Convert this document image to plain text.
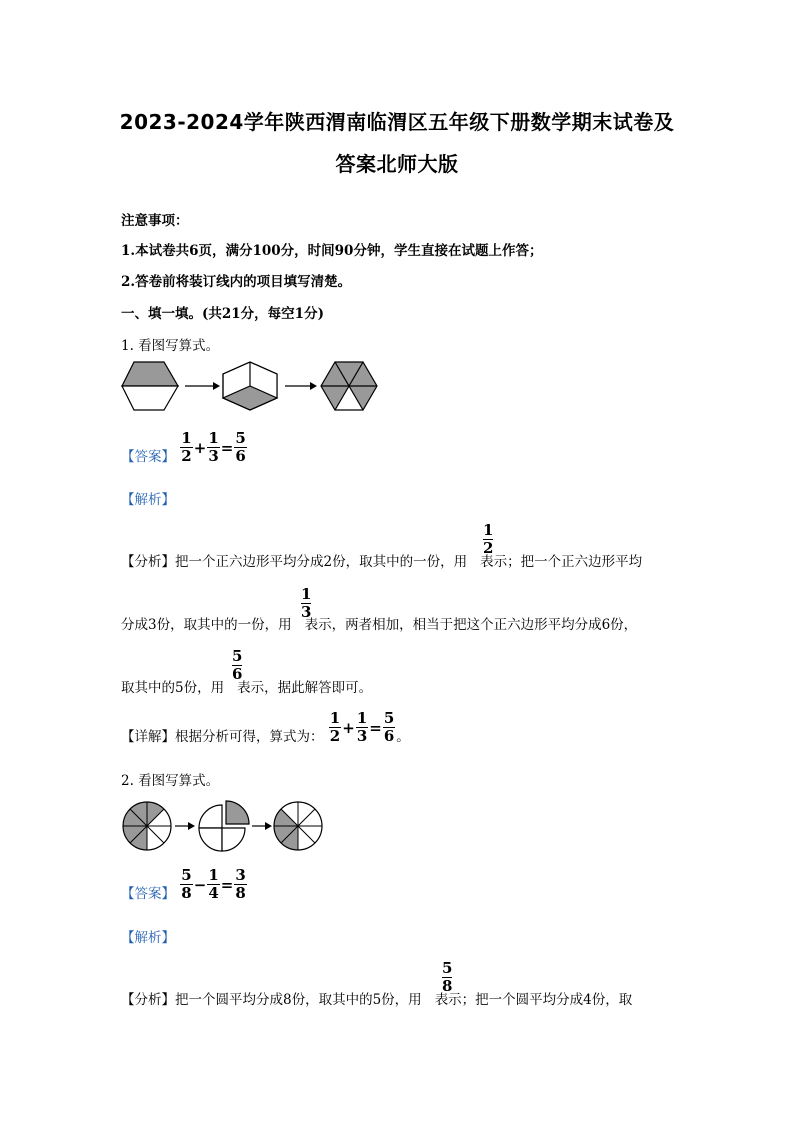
2023-2024学年陕西渭南临渭区五年级下册数学期末试卷及
答案北师大版
注意事项：
1.本试卷共6页，满分100分，时间90分钟，学生直接在试题上作答；
2.答卷前将装订线内的项目填写清楚。
一、填一填。(共21分，每空1分)
1. 看图写算式。
【答案】 $\frac{1}{2} + \frac{1}{3} = \frac{5}{6}$
【解析】
1
2
【分析】把一个正六边形平均分成2份，取其中的一份，用 表示；把一个正六边形平均
1
3
分成3份，取其中的一份，用 表示，两者相加，相当于把这个正六边形平均分成6份，
5
6
取其中的5份，用 表示，据此解答即可。
【详解】根据分析可得，算式为： $\frac{1}{2} + \frac{1}{3} = \frac{5}{6}$ 。
2. 看图写算式。
【答案】 $\frac{5}{8} - \frac{1}{4} = \frac{3}{8}$
【解析】
5
8
【分析】把一个圆平均分成8份，取其中的5份，用 表示；把一个圆平均分成4份，取
